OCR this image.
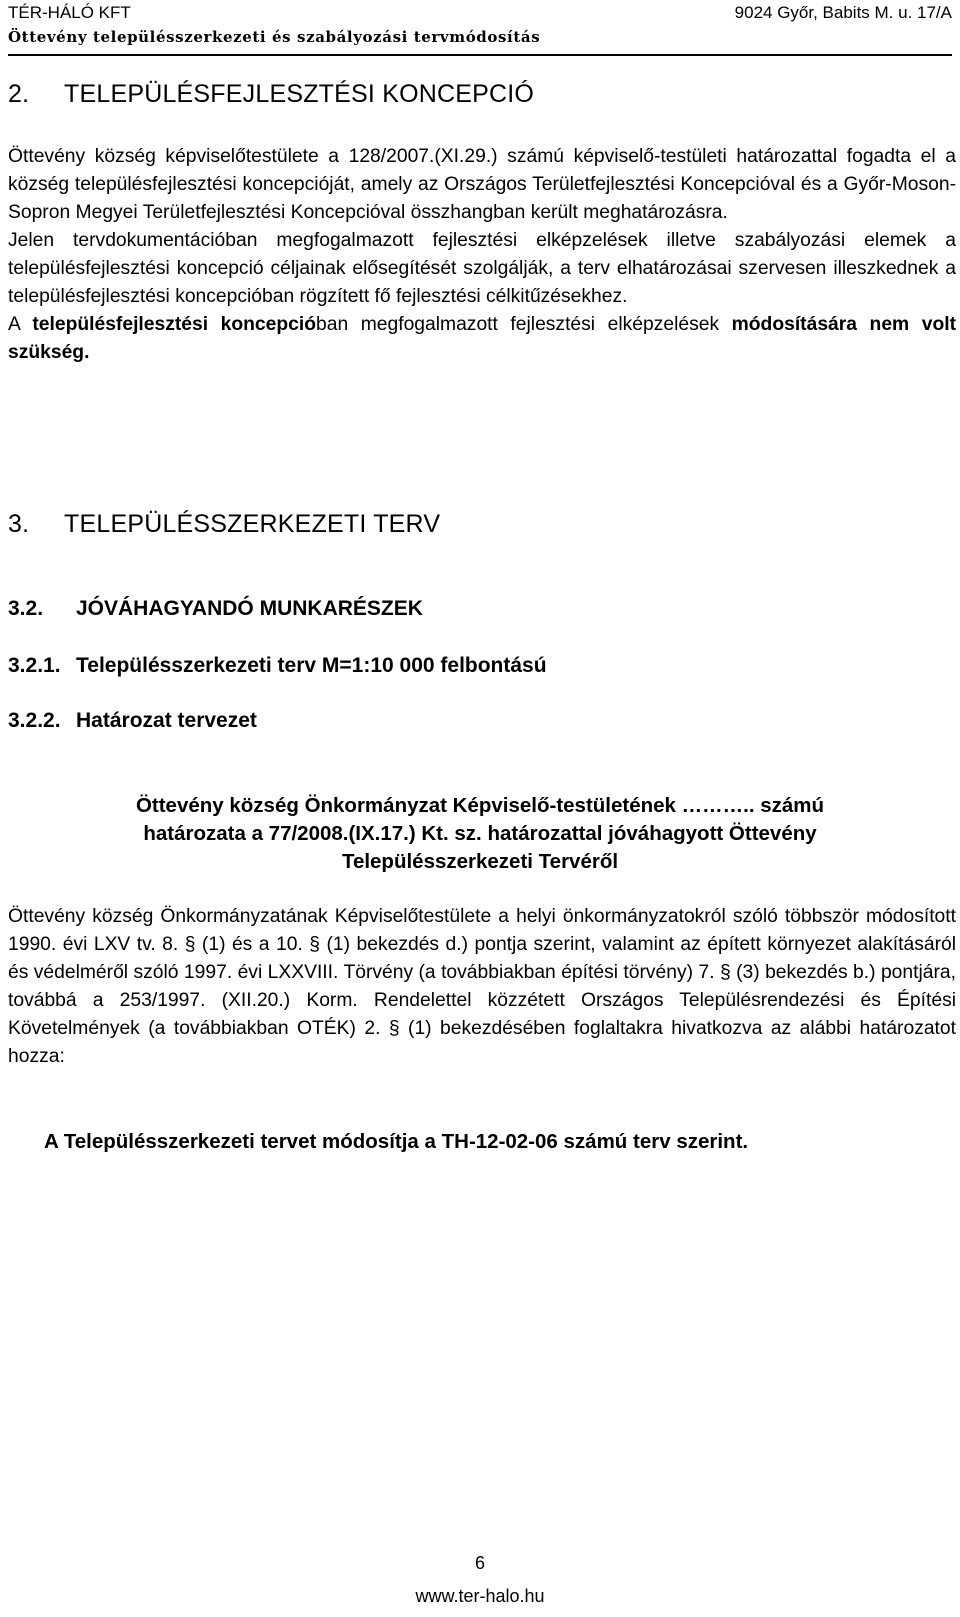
TÉR-HÁLÓ KFT	9024 Győr, Babits M. u. 17/A
Öttevény településszerkezeti és szabályozási tervmódosítás
2. TELEPÜLÉSFEJLESZTÉSI KONCEPCIÓ

Öttevény község képviselőtestülete a 128/2007.(XI.29.) számú képviselő-testületi határozattal fogadta el a község településfejlesztési koncepcióját, amely az Országos Területfejlesztési Koncepcióval és a Győr-Moson- Sopron Megyei Területfejlesztési Koncepcióval összhangban került meghatározásra.

Jelen tervdokumentációban megfogalmazott fejlesztési elképzelések illetve szabályozási elemek a településfejlesztési koncepció céljainak elősegítését szolgálják, a terv elhatározásai szervesen illeszkednek a településfejlesztési koncepcióban rögzített fő fejlesztési célkitűzésekhez.

A településfejlesztési koncepcióban megfogalmazott fejlesztési elképzelések módosítására nem volt szükség.

3. TELEPÜLÉSSZERKEZETI TERV
3.2. JÓVÁHAGYANDÓ MUNKARÉSZEK
3.2.1. Településszerkezeti terv M=1:10 000 felbontású
3.2.2. Határozat tervezet
Öttevény község Önkormányzat Képviselő-testületének ……….. számú
határozata a 77/2008.(IX.17.) Kt. sz. határozattal jóváhagyott Öttevény
Településszerkezeti Tervéről

Öttevény község Önkormányzatának Képviselőtestülete a helyi önkormányzatokról szóló többször módosított 1990. évi LXV tv. 8. § (1) és a 10. § (1) bekezdés d.) pontja szerint, valamint az épített környezet alakításáról és védelméről szóló 1997. évi LXXVIII. Törvény (a továbbiakban építési törvény) 7. § (3) bekezdés b.) pontjára, továbbá a 253/1997. (XII.20.) Korm. Rendelettel közzétett Országos Településrendezési és Építési Követelmények (a továbbiakban OTÉK) 2. § (1) bekezdésében foglaltakra hivatkozva az alábbi határozatot hozza:

A Településszerkezeti tervet módosítja a TH-12-02-06 számú terv szerint.

6
www.ter-halo.hu
